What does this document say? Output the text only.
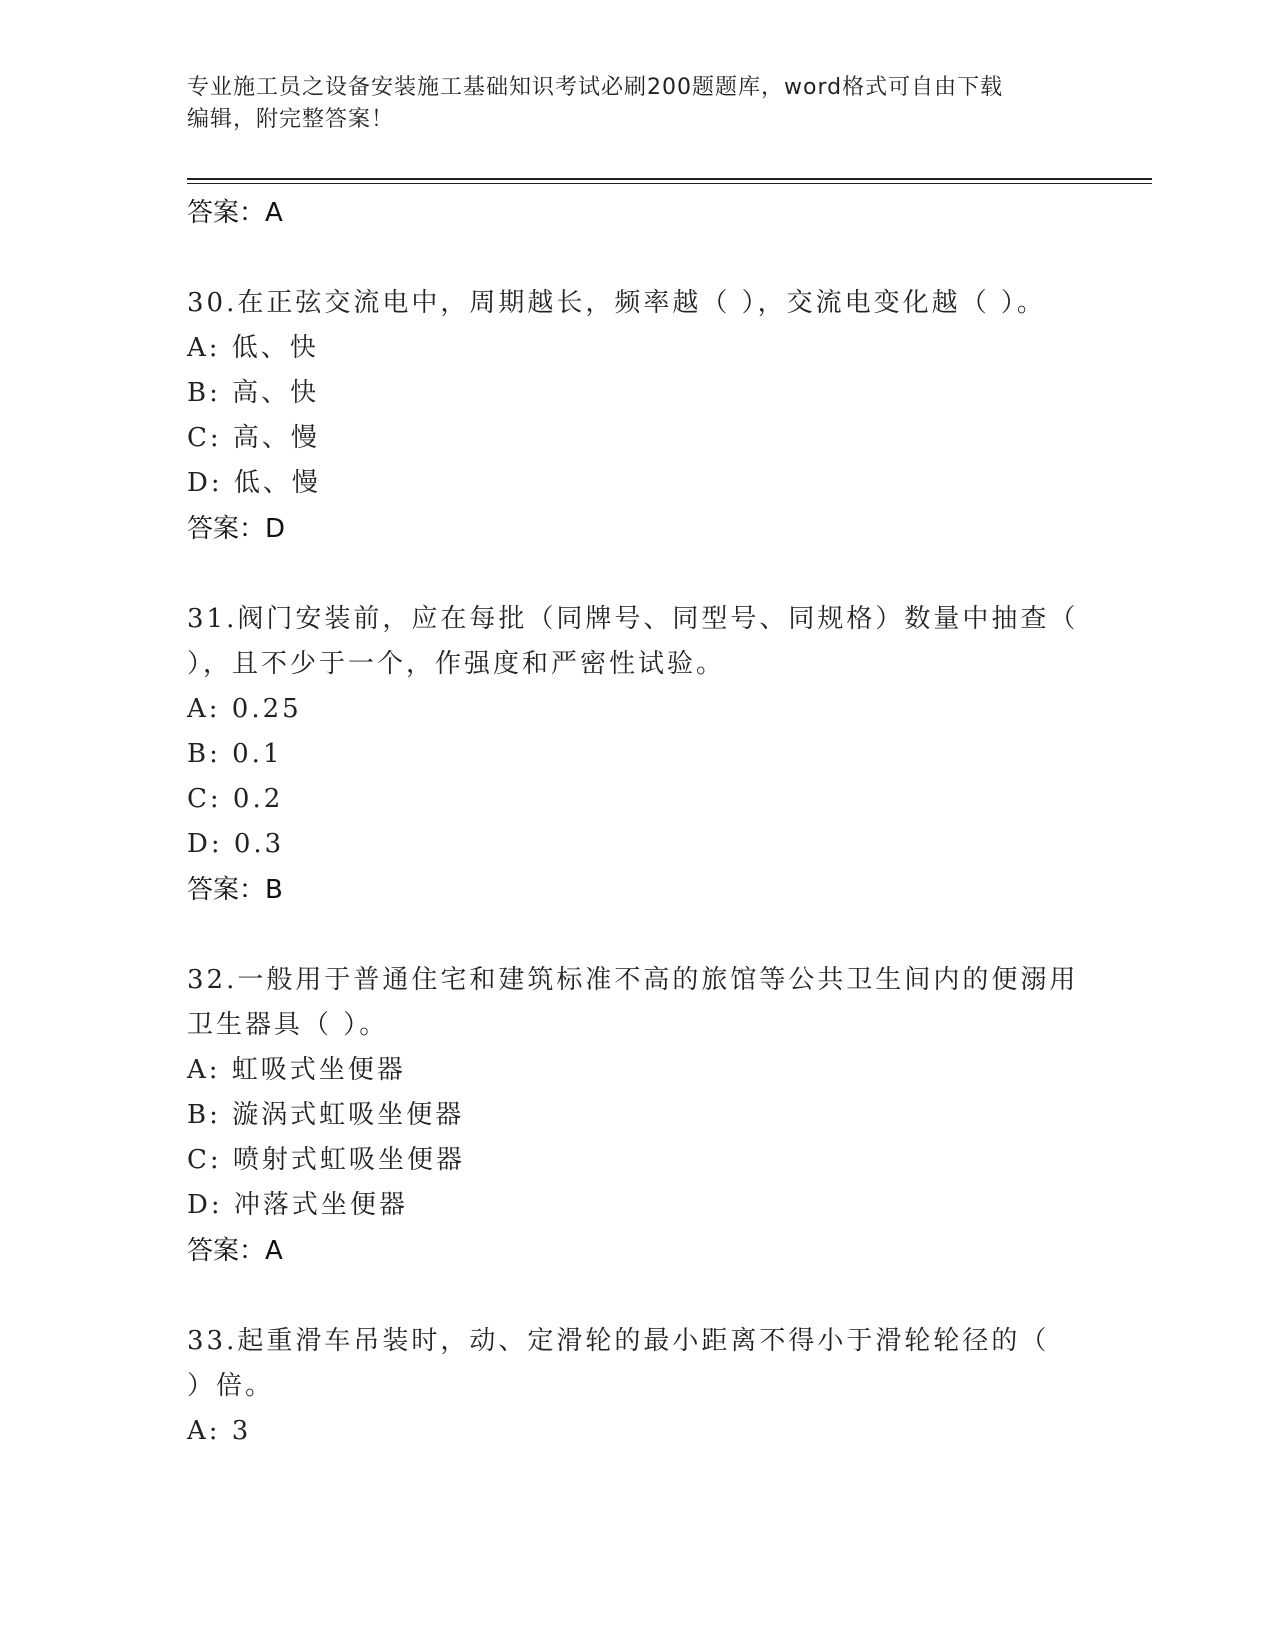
专业施工员之设备安装施工基础知识考试必刷200题题库，word格式可自由下载
编辑，附完整答案！
答案：A
30.在正弦交流电中，周期越长，频率越（ ），交流电变化越（ ）。
A: 低、快
B: 高、快
C: 高、慢
D: 低、慢
答案：D
31.阀门安装前，应在每批（同牌号、同型号、同规格）数量中抽查（
），且不少于一个，作强度和严密性试验。
A: 0.25
B: 0.1
C: 0.2
D: 0.3
答案：B
32.一般用于普通住宅和建筑标准不高的旅馆等公共卫生间内的便溺用
卫生器具（ ）。
A: 虹吸式坐便器
B: 漩涡式虹吸坐便器
C: 喷射式虹吸坐便器
D: 冲落式坐便器
答案：A
33.起重滑车吊装时，动、定滑轮的最小距离不得小于滑轮轮径的（
）倍。
A: 3
